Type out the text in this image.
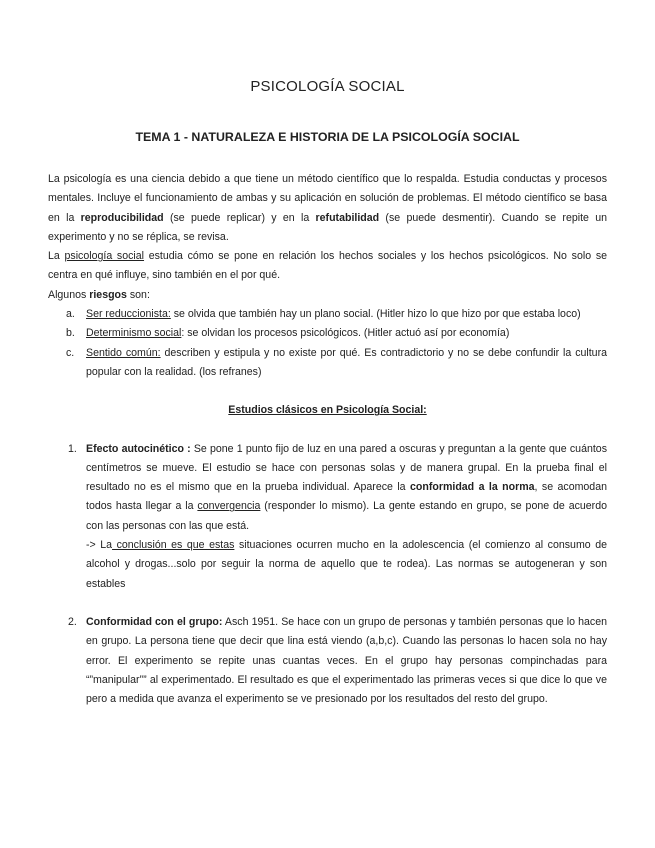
PSICOLOGÍA SOCIAL
TEMA 1 - NATURALEZA E HISTORIA DE LA PSICOLOGÍA SOCIAL

La psicología es una ciencia debido a que tiene un método científico que lo respalda. Estudia conductas y procesos mentales. Incluye el funcionamiento de ambas y su aplicación en solución de problemas. El método científico se basa en la reproducibilidad (se puede replicar) y en la refutabilidad (se puede desmentir). Cuando se repite un experimento y no se réplica, se revisa.

La psicología social estudia cómo se pone en relación los hechos sociales y los hechos psicológicos. No solo se centra en qué influye, sino también en el por qué.

Algunos riesgos son:

a. Ser reduccionista: se olvida que también hay un plano social. (Hitler hizo lo que hizo por que estaba loco)
b. Determinismo social: se olvidan los procesos psicológicos. (Hitler actuó así por economía)
c. Sentido común: describen y estipula y no existe por qué. Es contradictorio y no se debe confundir la cultura popular con la realidad. (los refranes)
Estudios clásicos en Psicología Social:
1. Efecto autocinético : Se pone 1 punto fijo de luz en una pared a oscuras y preguntan a la gente que cuántos centímetros se mueve. El estudio se hace con personas solas y de manera grupal. En la prueba final el resultado no es el mismo que en la prueba individual. Aparece la conformidad a la norma, se acomodan todos hasta llegar a la convergencia (responder lo mismo). La gente estando en grupo, se pone de acuerdo con las personas con las que está.
-> La conclusión es que estas situaciones ocurren mucho en la adolescencia (el comienzo al consumo de alcohol y drogas...solo por seguir la norma de aquello que te rodea). Las normas se autogeneran y son estables
2. Conformidad con el grupo: Asch 1951. Se hace con un grupo de personas y también personas que lo hacen en grupo. La persona tiene que decir que lina está viendo (a,b,c). Cuando las personas lo hacen sola no hay error. El experimento se repite unas cuantas veces. En el grupo hay personas compinchadas para “”manipular”” al experimentado. El resultado es que el experimentado las primeras veces si que dice lo que ve pero a medida que avanza el experimento se ve presionado por los resultados del resto del grupo.
